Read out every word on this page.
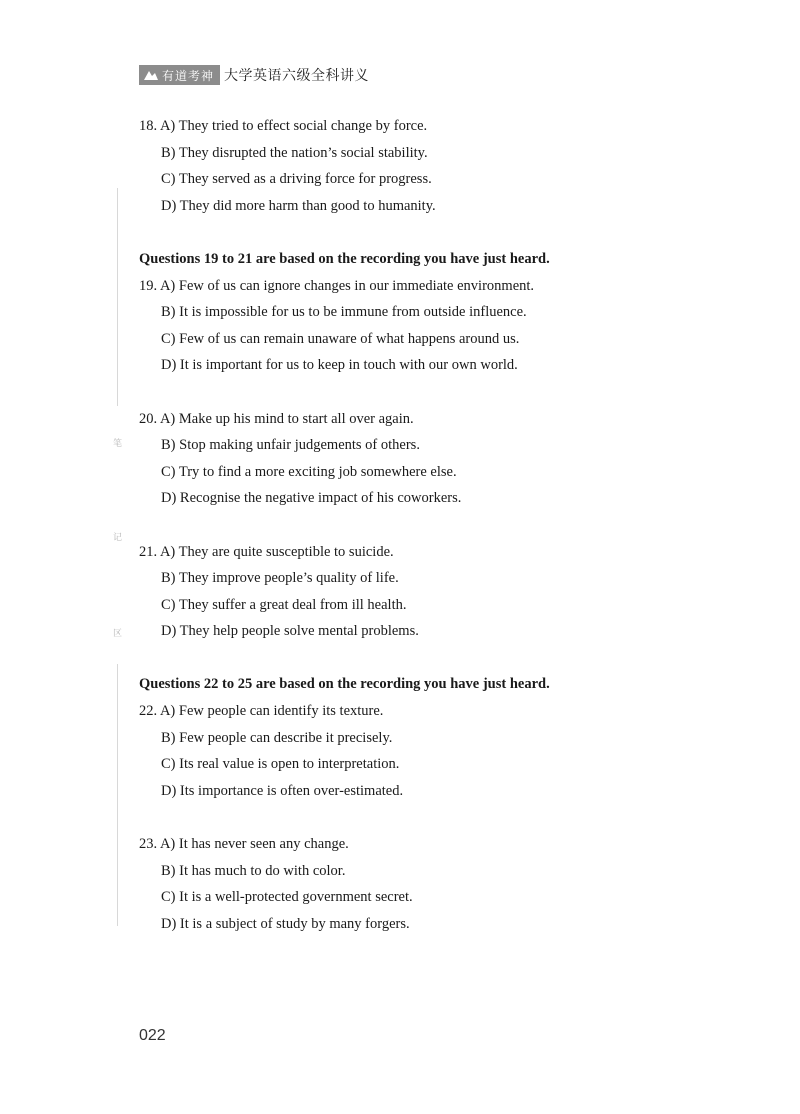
有道考神 大学英语六级全科讲义
笔
记
区
18. A) They tried to effect social change by force.
B) They disrupted the nation’s social stability.
C) They served as a driving force for progress.
D) They did more harm than good to humanity.
Questions 19 to 21 are based on the recording you have just heard.
19. A) Few of us can ignore changes in our immediate environment.
B) It is impossible for us to be immune from outside influence.
C) Few of us can remain unaware of what happens around us.
D) It is important for us to keep in touch with our own world.
20. A) Make up his mind to start all over again.
B) Stop making unfair judgements of others.
C) Try to find a more exciting job somewhere else.
D) Recognise the negative impact of his coworkers.
21. A) They are quite susceptible to suicide.
B) They improve people’s quality of life.
C) They suffer a great deal from ill health.
D) They help people solve mental problems.
Questions 22 to 25 are based on the recording you have just heard.
22. A) Few people can identify its texture.
B) Few people can describe it precisely.
C) Its real value is open to interpretation.
D) Its importance is often over-estimated.
23. A) It has never seen any change.
B) It has much to do with color.
C) It is a well-protected government secret.
D) It is a subject of study by many forgers.
022
